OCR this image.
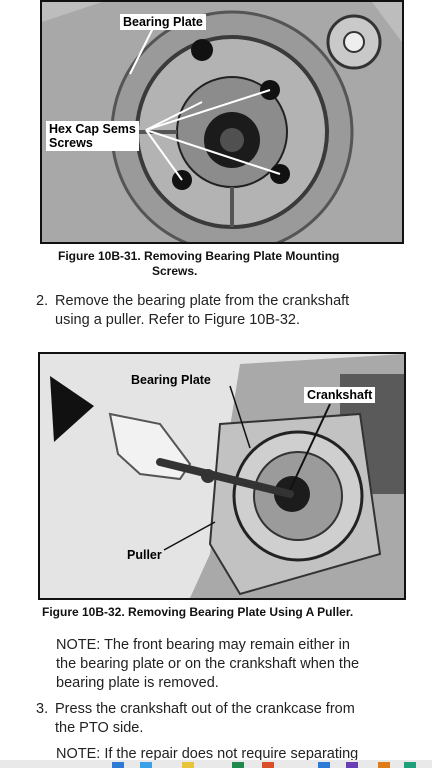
Bearing Plate
Hex Cap Sems
Screws
Figure 10B-31. Removing Bearing Plate Mounting
Screws.
2. Remove the bearing plate from the crankshaft
using a puller. Refer to Figure 10B-32.
Bearing Plate
Crankshaft
Puller
Figure 10B-32. Removing Bearing Plate Using A Puller.
NOTE: The front bearing may remain either in
the bearing plate or on the crankshaft when the
bearing plate is removed.
3. Press the crankshaft out of the crankcase from
the PTO side.
NOTE: If the repair does not require separating
